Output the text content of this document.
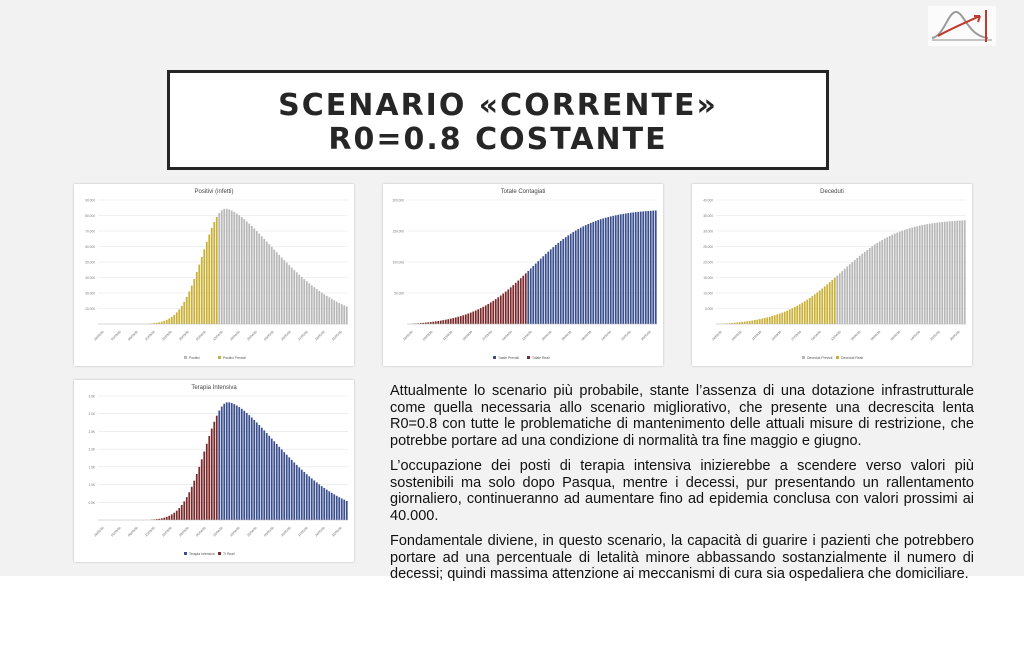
SCENARIO «CORRENTE»
R0=0.8 COSTANTE
Positivi (infetti)
20.000
30.000
40.000
50.000
60.000
70.000
80.000
90.000
24/02/20 01/03/20 08/03/20 15/03/20 22/03/20 29/03/20 05/04/20 12/04/20 19/04/20 26/04/20 03/05/20 10/05/20 17/05/20 24/05/20 31/05/20
Positivi	Positivi Previsti
Totale Contagiati
50.000
100.000
150.000
200.000
24/02/20	03/03/20	11/03/20	19/03/20	27/03/20	04/04/20	12/04/20	20/04/20	28/04/20	06/05/20	14/05/20	22/05/20	30/05/20
Totale Previsti	Totale Reali
Deceduti
5.000
10.000
15.000
20.000
25.000
30.000
35.000
40.000
24/02/20	03/03/20	11/03/20	19/03/20	27/03/20	04/04/20	12/04/20	20/04/20	28/04/20	06/05/20	14/05/20	22/05/20	30/05/20
Deceduti Previsti	Deceduti Reali
Terapia Intensiva
0.5K
1.0K
1.5K
2.0K
2.5K
3.0K
3.5K
24/02/20 01/03/20 08/03/20 15/03/20 22/03/20 29/03/20 05/04/20 12/04/20 19/04/20 26/04/20 03/05/20 10/05/20 17/05/20 24/05/20 31/05/20
Terapia Intensiva TI Reali

Attualmente lo scenario più probabile, stante l’assenza di una dotazione infrastrutturale come quella necessaria allo scenario migliorativo, che presente una decrescita lenta R0=0.8 con tutte le problematiche di mantenimento delle attuali misure di restrizione, che potrebbe portare ad una condizione di normalità tra fine maggio e giugno.

L’occupazione dei posti di terapia intensiva inizierebbe a scendere verso valori più sostenibili ma solo dopo Pasqua, mentre i decessi, pur presentando un rallentamento giornaliero, continueranno ad aumentare fino ad epidemia conclusa con valori prossimi ai 40.000.

Fondamentale diviene, in questo scenario, la capacità di guarire i pazienti che potrebbero portare ad una percentuale di letalità minore abbassando sostanzialmente il numero di decessi; quindi massima attenzione ai meccanismi di cura sia ospedaliera che domiciliare.
